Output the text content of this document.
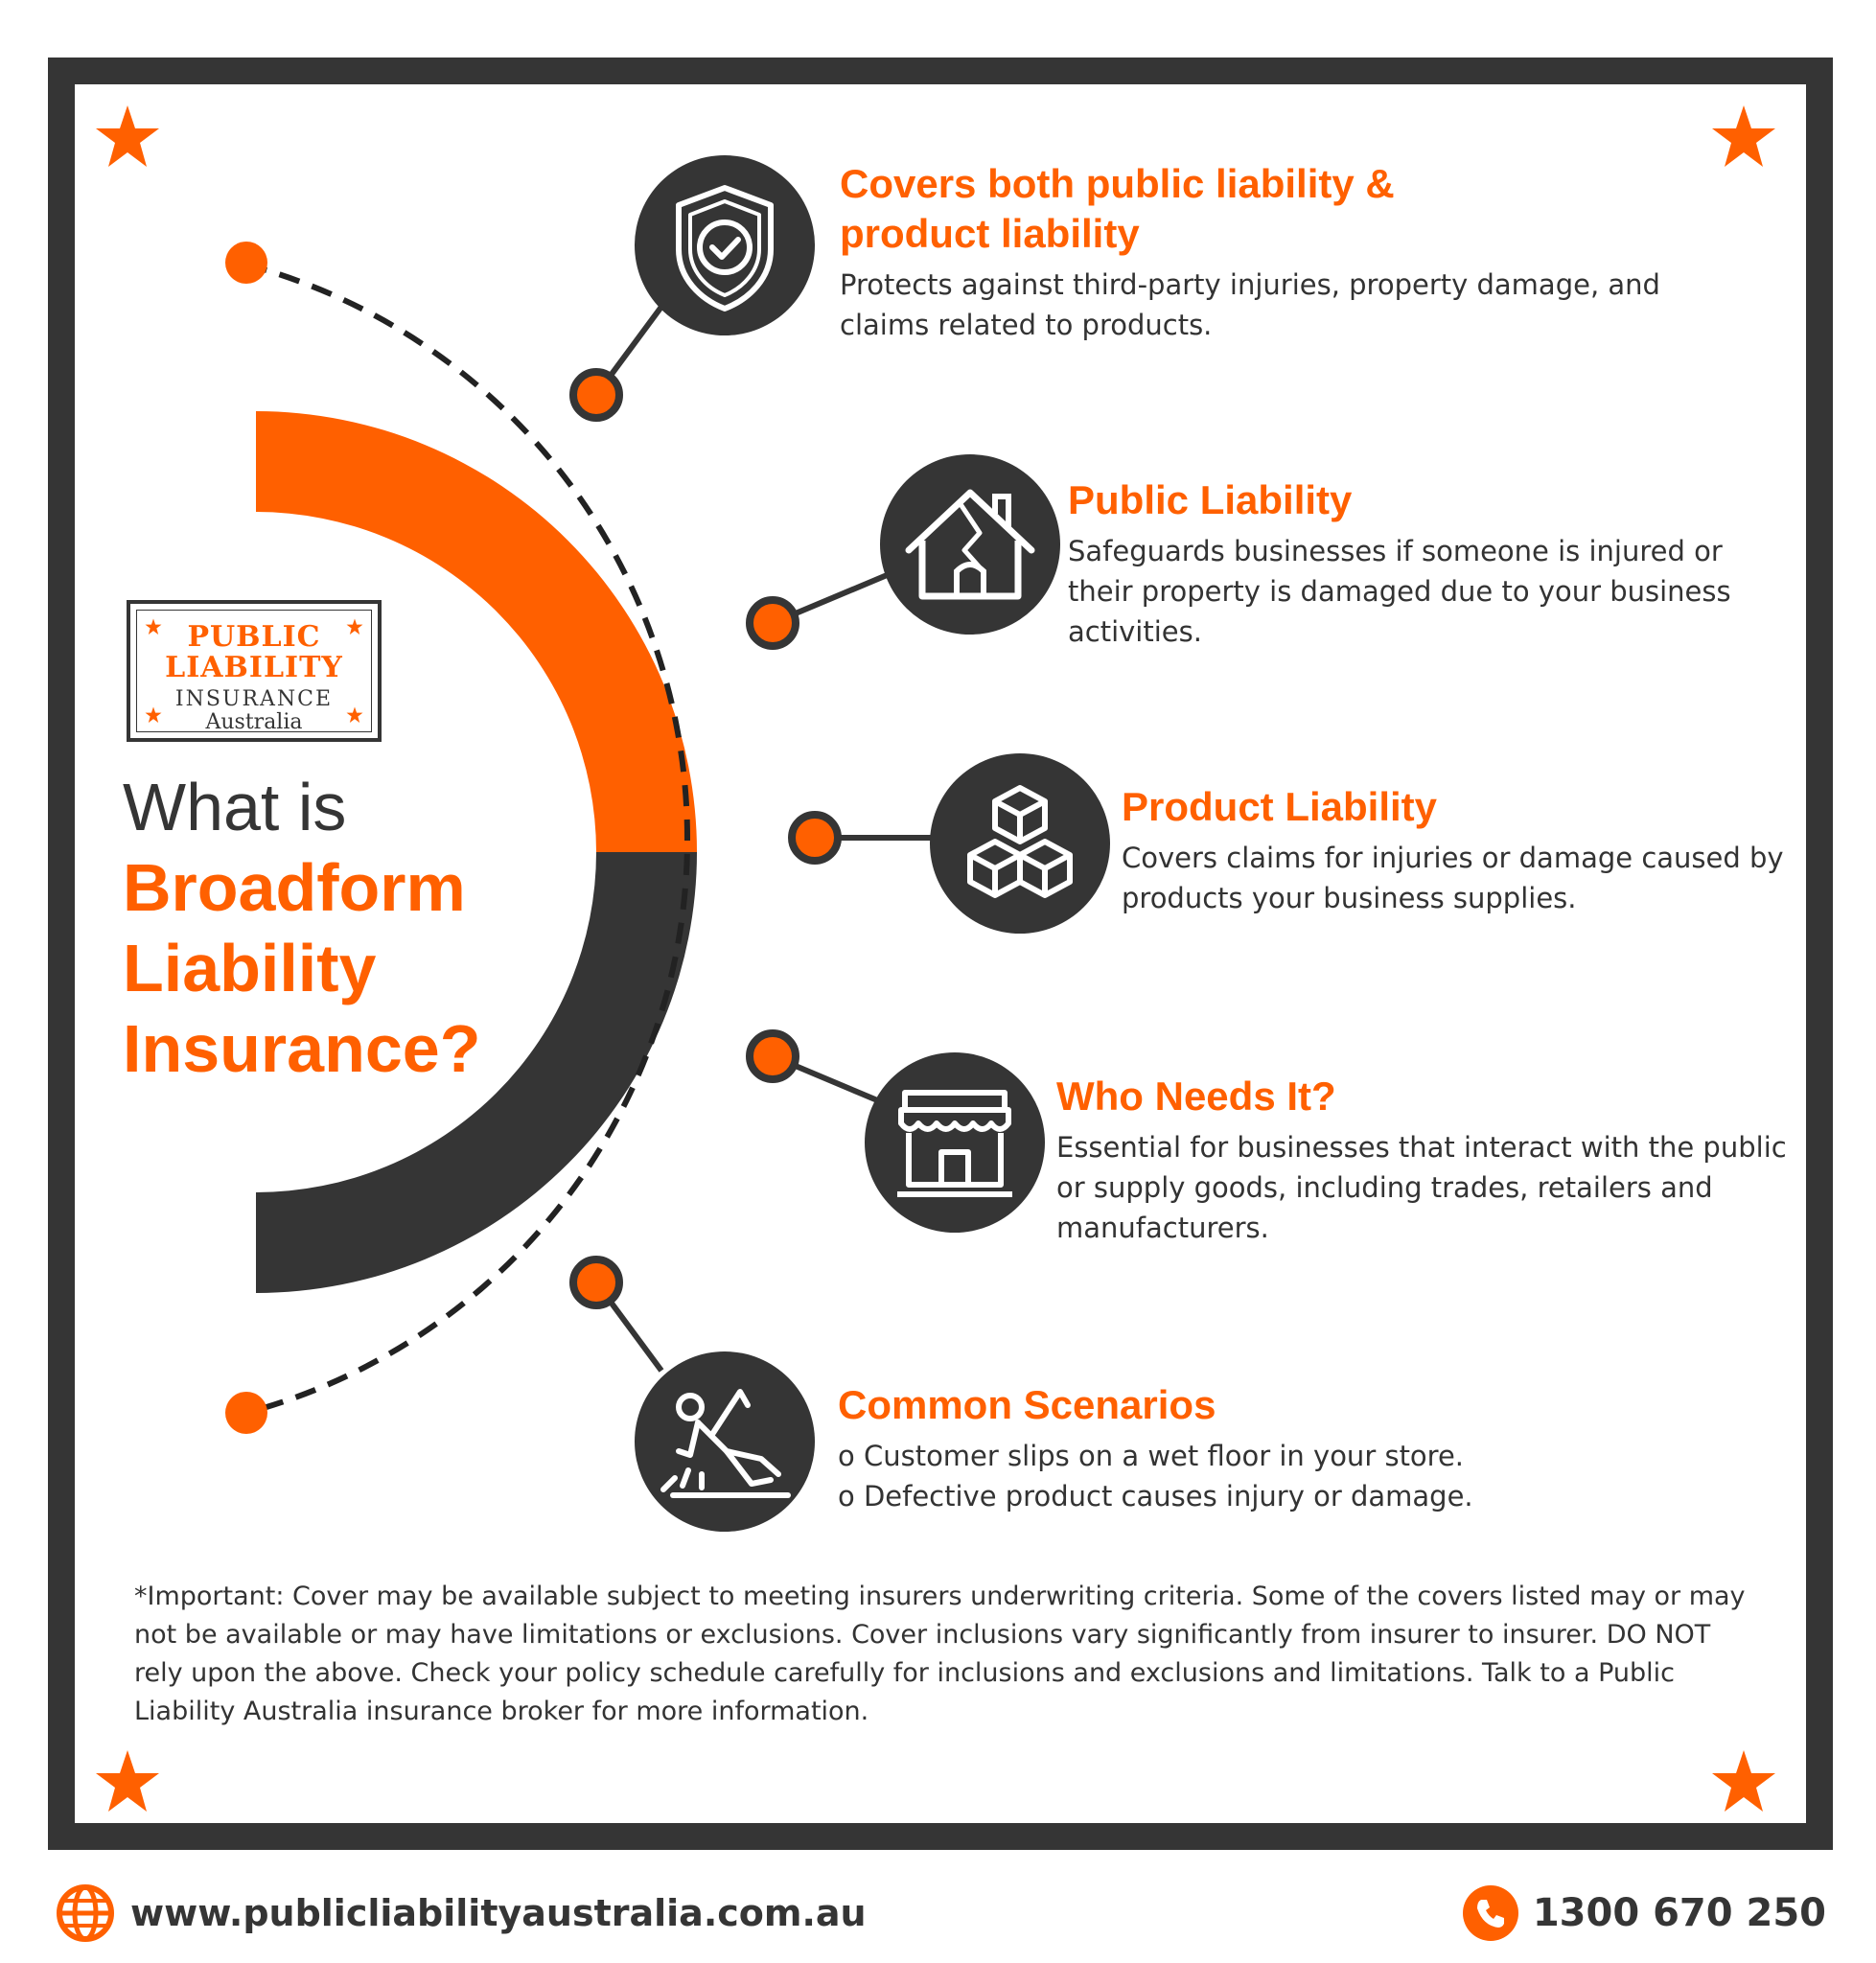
PUBLIC
LIABILITY
INSURANCE
Australia
What is
Broadform
Liability
Insurance?
Covers both public liability & product liability
Protects against third-party injuries, property damage, and claims related to products.
Public Liability
Safeguards businesses if someone is injured or their property is damaged due to your business activities.
Product Liability
Covers claims for injuries or damage caused by products your business supplies.
Who Needs It?
Essential for businesses that interact with the public or supply goods, including trades, retailers and manufacturers.
Common Scenarios
o Customer slips on a wet floor in your store.
o Defective product causes injury or damage.
*Important: Cover may be available subject to meeting insurers underwriting criteria. Some of the covers listed may or may not be available or may have limitations or exclusions. Cover inclusions vary significantly from insurer to insurer. DO NOT rely upon the above. Check your policy schedule carefully for inclusions and exclusions and limitations. Talk to a Public Liability Australia insurance broker for more information.
www.publicliabilityaustralia.com.au	1300 670 250
